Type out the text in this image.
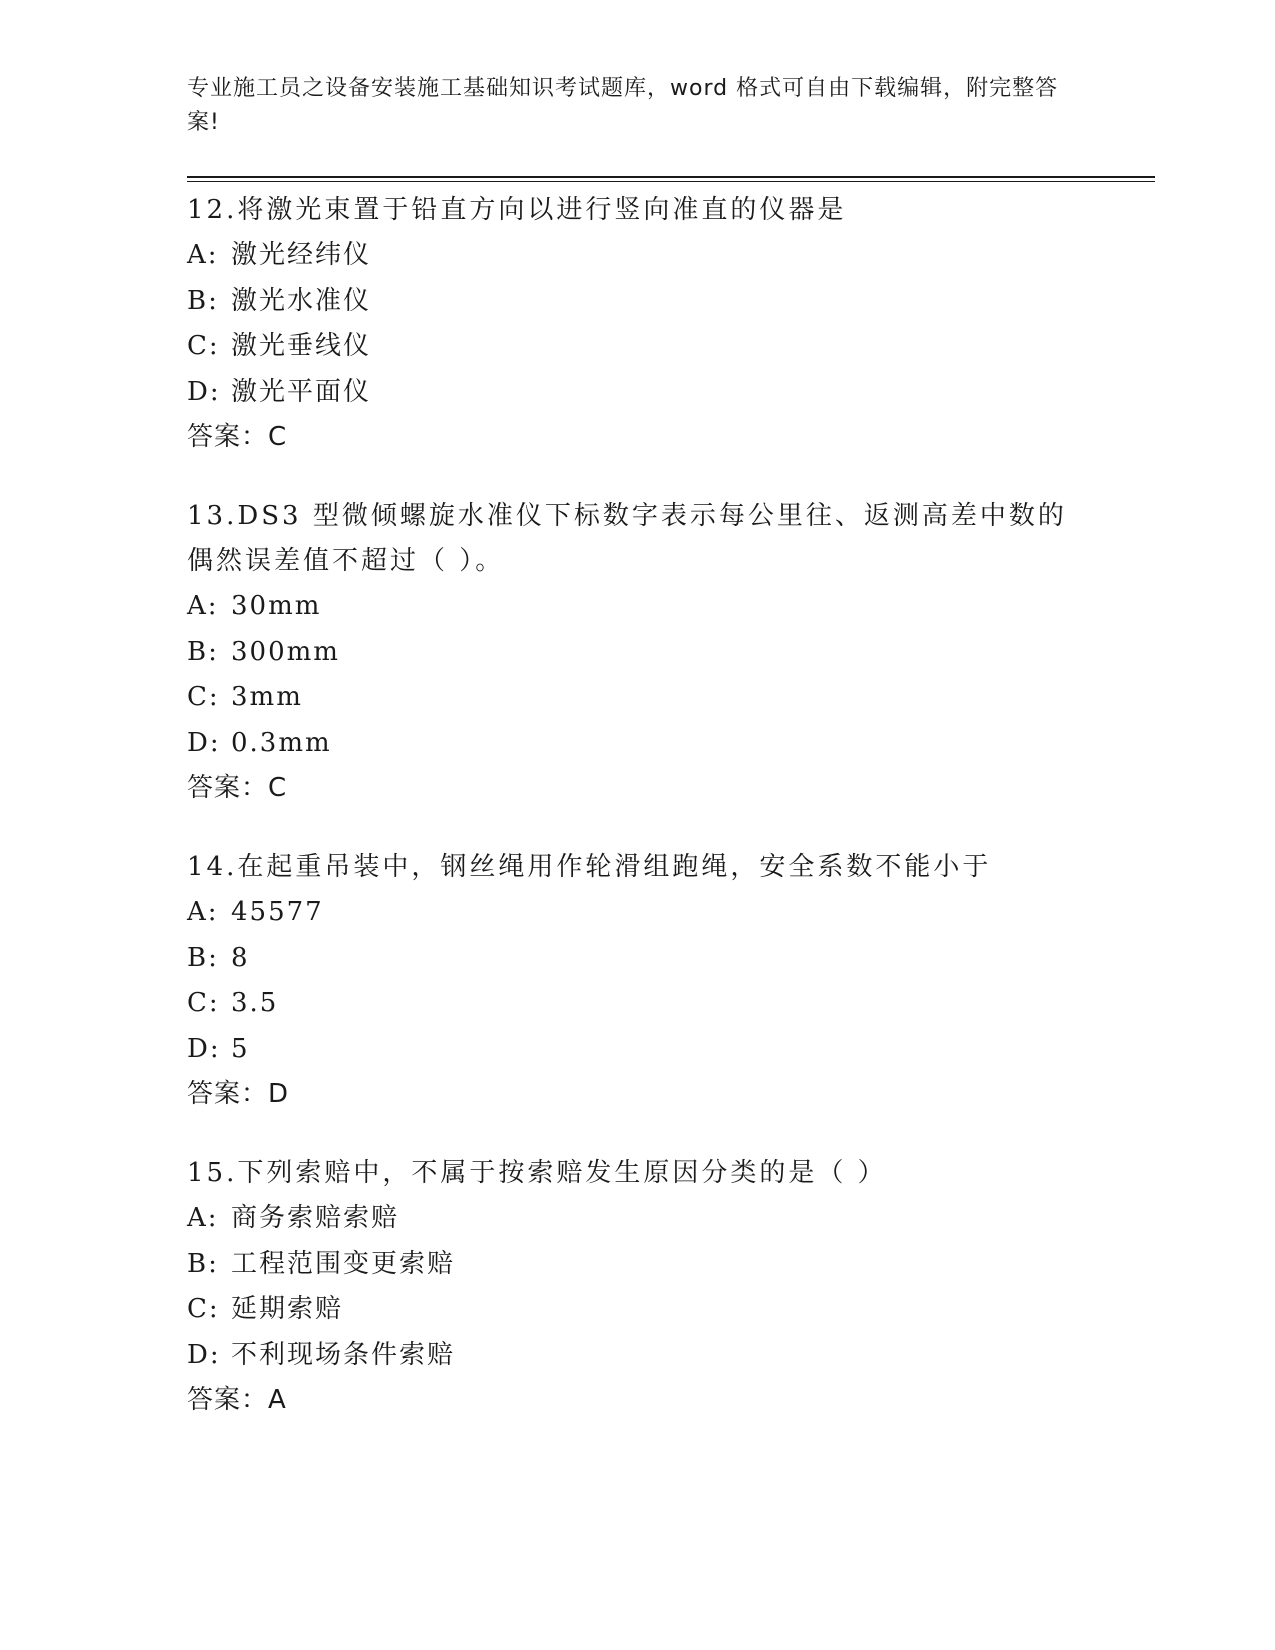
专业施工员之设备安装施工基础知识考试题库，word 格式可自由下载编辑，附完整答案!
12.将激光束置于铅直方向以进行竖向准直的仪器是
A: 激光经纬仪
B: 激光水准仪
C: 激光垂线仪
D: 激光平面仪
答案：C
13.DS3 型微倾螺旋水准仪下标数字表示每公里往、返测高差中数的偶然误差值不超过（ ）。
A: 30mm
B: 300mm
C: 3mm
D: 0.3mm
答案：C
14.在起重吊装中，钢丝绳用作轮滑组跑绳，安全系数不能小于
A: 45577
B: 8
C: 3.5
D: 5
答案：D
15.下列索赔中，不属于按索赔发生原因分类的是（ ）
A: 商务索赔索赔
B: 工程范围变更索赔
C: 延期索赔
D: 不利现场条件索赔
答案：A
